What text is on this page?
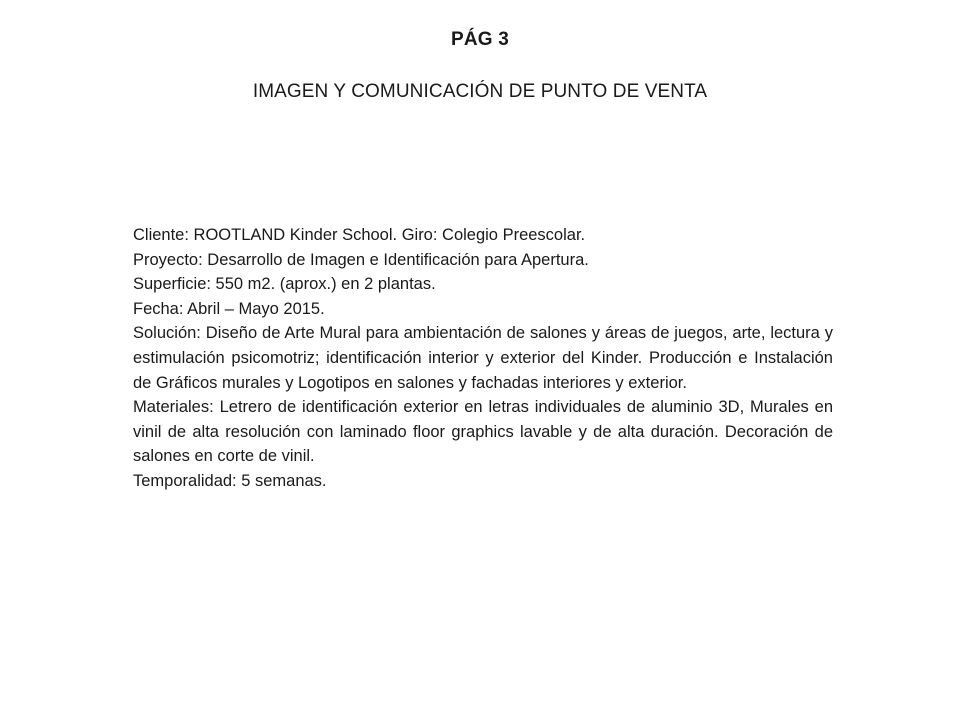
PÁG 3
IMAGEN Y COMUNICACIÓN DE PUNTO DE VENTA

Cliente: ROOTLAND Kinder School. Giro: Colegio Preescolar.

Proyecto: Desarrollo de Imagen e Identificación para Apertura.

Superficie: 550 m2. (aprox.) en 2 plantas.

Fecha: Abril – Mayo 2015.

Solución: Diseño de Arte Mural para ambientación de salones y áreas de juegos, arte, lectura y estimulación psicomotriz; identificación interior y exterior del Kinder. Producción e Instalación de Gráficos murales y Logotipos en salones y fachadas interiores y exterior.

Materiales: Letrero de identificación exterior en letras individuales de aluminio 3D, Murales en vinil de alta resolución con laminado floor graphics lavable y de alta duración. Decoración de salones en corte de vinil.

Temporalidad: 5 semanas.
